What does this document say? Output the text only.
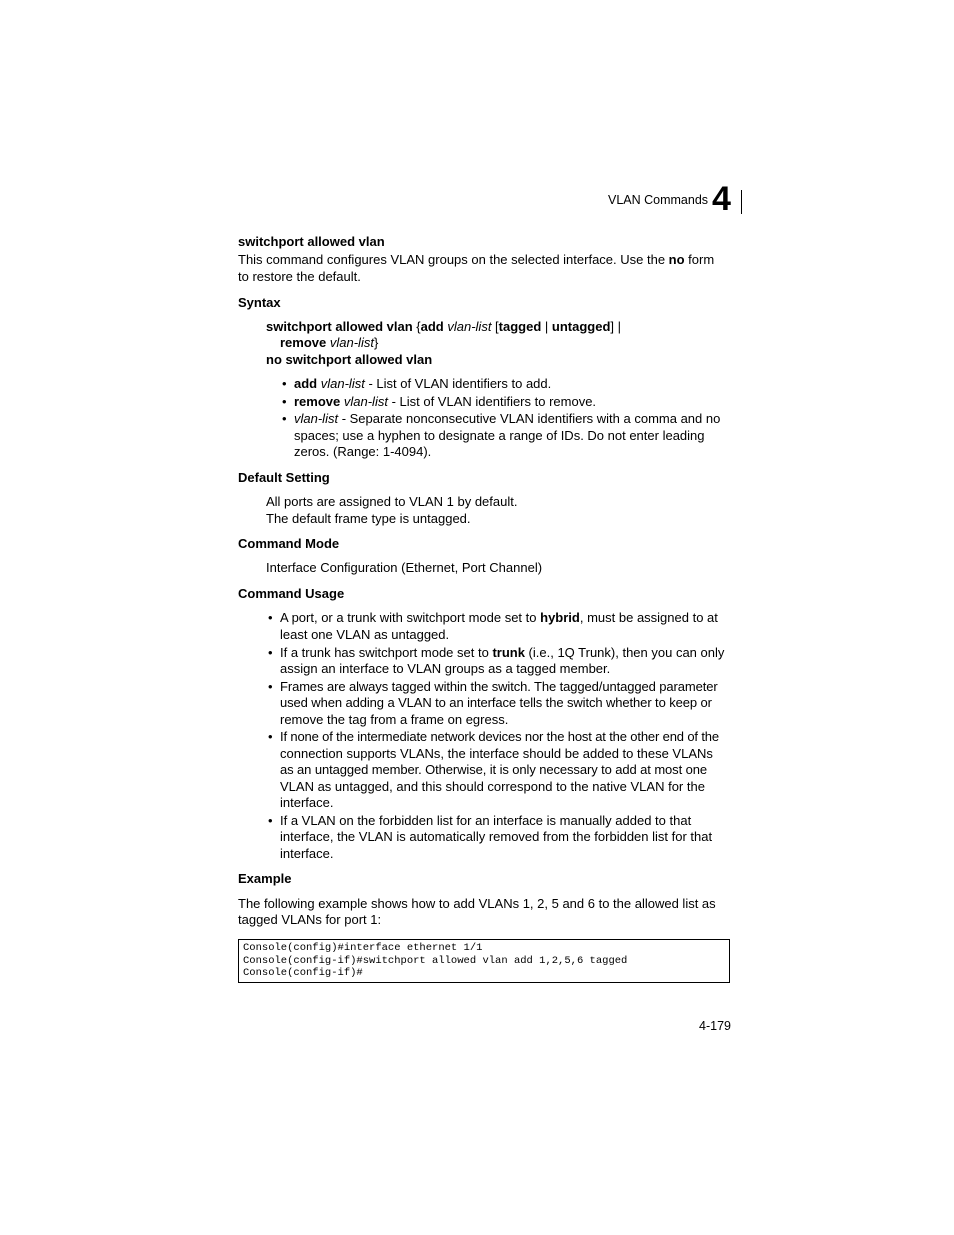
VLAN Commands 4
switchport allowed vlan
This command configures VLAN groups on the selected interface. Use the no form
to restore the default.
Syntax
switchport allowed vlan {add vlan-list [tagged | untagged] |
remove vlan-list}
no switchport allowed vlan
• add vlan-list - List of VLAN identifiers to add.
• remove vlan-list - List of VLAN identifiers to remove.
• vlan-list - Separate nonconsecutive VLAN identifiers with a comma and no
spaces; use a hyphen to designate a range of IDs. Do not enter leading
zeros. (Range: 1-4094).
Default Setting
All ports are assigned to VLAN 1 by default.
The default frame type is untagged.
Command Mode
Interface Configuration (Ethernet, Port Channel)
Command Usage
• A port, or a trunk with switchport mode set to hybrid, must be assigned to at
least one VLAN as untagged.
• If a trunk has switchport mode set to trunk (i.e., 1Q Trunk), then you can only
assign an interface to VLAN groups as a tagged member.
• Frames are always tagged within the switch. The tagged/untagged parameter
used when adding a VLAN to an interface tells the switch whether to keep or
remove the tag from a frame on egress.
• If none of the intermediate network devices nor the host at the other end of the
connection supports VLANs, the interface should be added to these VLANs
as an untagged member. Otherwise, it is only necessary to add at most one
VLAN as untagged, and this should correspond to the native VLAN for the
interface.
• If a VLAN on the forbidden list for an interface is manually added to that
interface, the VLAN is automatically removed from the forbidden list for that
interface.
Example
The following example shows how to add VLANs 1, 2, 5 and 6 to the allowed list as
tagged VLANs for port 1:
Console(config)#interface ethernet 1/1
Console(config-if)#switchport allowed vlan add 1,2,5,6 tagged
Console(config-if)#
4-179
